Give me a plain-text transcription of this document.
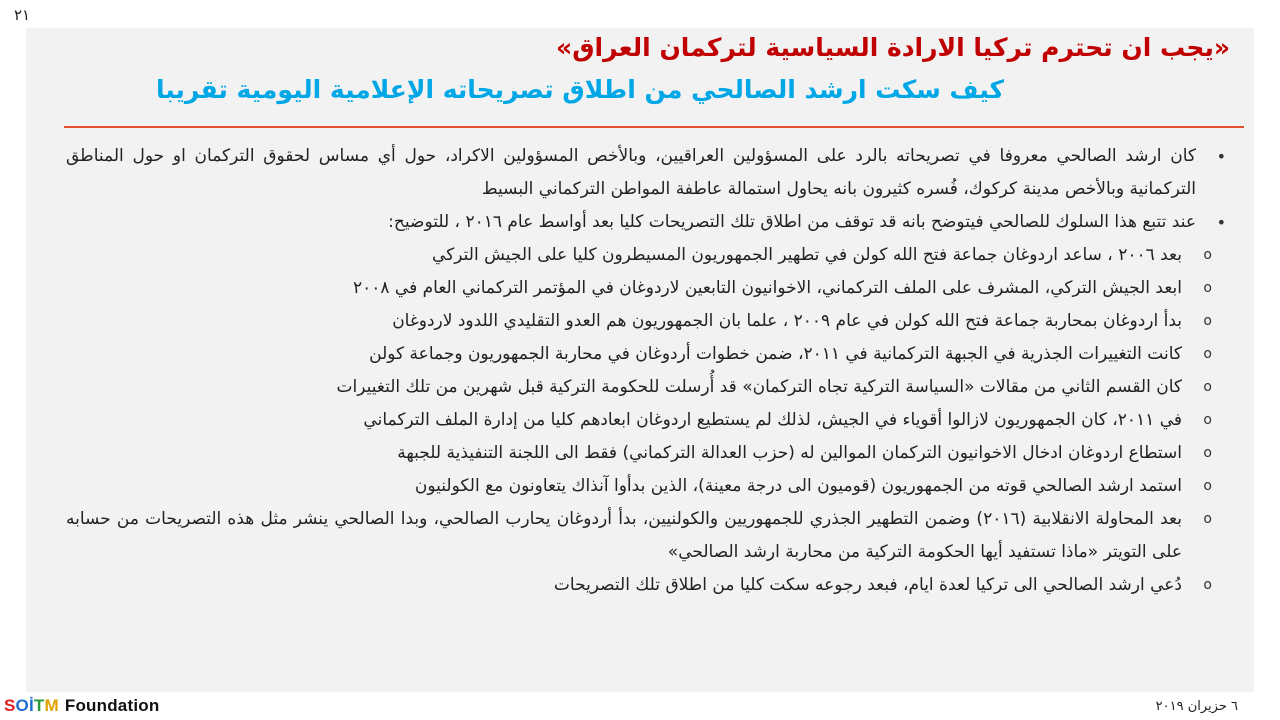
٢١
«يجب ان تحترم تركيا الارادة السياسية لتركمان العراق»
كيف سكت ارشد الصالحي من اطلاق تصريحاته الإعلامية اليومية تقريبا
•
كان ارشد الصالحي معروفا في تصريحاته بالرد على المسؤولين العراقيين، وبالأخص المسؤولين الاكراد، حول أي مساس لحقوق التركمان او حول المناطق التركمانية وبالأخص مدينة كركوك، فُسره كثيرون بانه يحاول استمالة عاطفة المواطن التركماني البسيط
•
عند تتبع هذا السلوك للصالحي فيتوضح بانه قد توقف من اطلاق تلك التصريحات كليا بعد أواسط عام ٢٠١٦ ، للتوضيح:
o
بعد ٢٠٠٦ ، ساعد اردوغان جماعة فتح الله كولن في تطهير الجمهوريون المسيطرون كليا على الجيش التركي
o
ابعد الجيش التركي، المشرف على الملف التركماني، الاخوانيون التابعين لاردوغان في المؤتمر التركماني العام في ٢٠٠٨
o
بدأ اردوغان بمحاربة جماعة فتح الله كولن في عام ٢٠٠٩ ، علما بان الجمهوريون هم العدو التقليدي اللدود لاردوغان
o
كانت التغييرات الجذرية في الجبهة التركمانية في ٢٠١١، ضمن خطوات أردوغان في محاربة الجمهوريون وجماعة كولن
o
كان القسم الثاني من مقالات «السياسة التركية تجاه التركمان» قد أُرسلت للحكومة التركية قبل شهرين من تلك التغييرات
o
في ٢٠١١، كان الجمهوريون لازالوا أقوياء في الجيش، لذلك لم يستطيع اردوغان ابعادهم كليا من إدارة الملف التركماني
o
استطاع اردوغان ادخال الاخوانيون التركمان الموالين له (حزب العدالة التركماني) فقط الى اللجنة التنفيذية للجبهة
o
استمد ارشد الصالحي قوته من الجمهوريون (قوميون الى درجة معينة)، الذين بدأوا آنذاك يتعاونون مع الكولنيون
o
بعد المحاولة الانقلابية (٢٠١٦) وضمن التطهير الجذري للجمهوريين والكولنيين، بدأ أردوغان يحارب الصالحي، وبدا الصالحي ينشر مثل هذه التصريحات من حسابه على التويتر «ماذا تستفيد أيها الحكومة التركية من محاربة ارشد الصالحي»
o
دُعي ارشد الصالحي الى تركيا لعدة ايام، فبعد رجوعه سكت كليا من اطلاق تلك التصريحات
SOİTM Foundation	٦ حزيران ٢٠١٩
